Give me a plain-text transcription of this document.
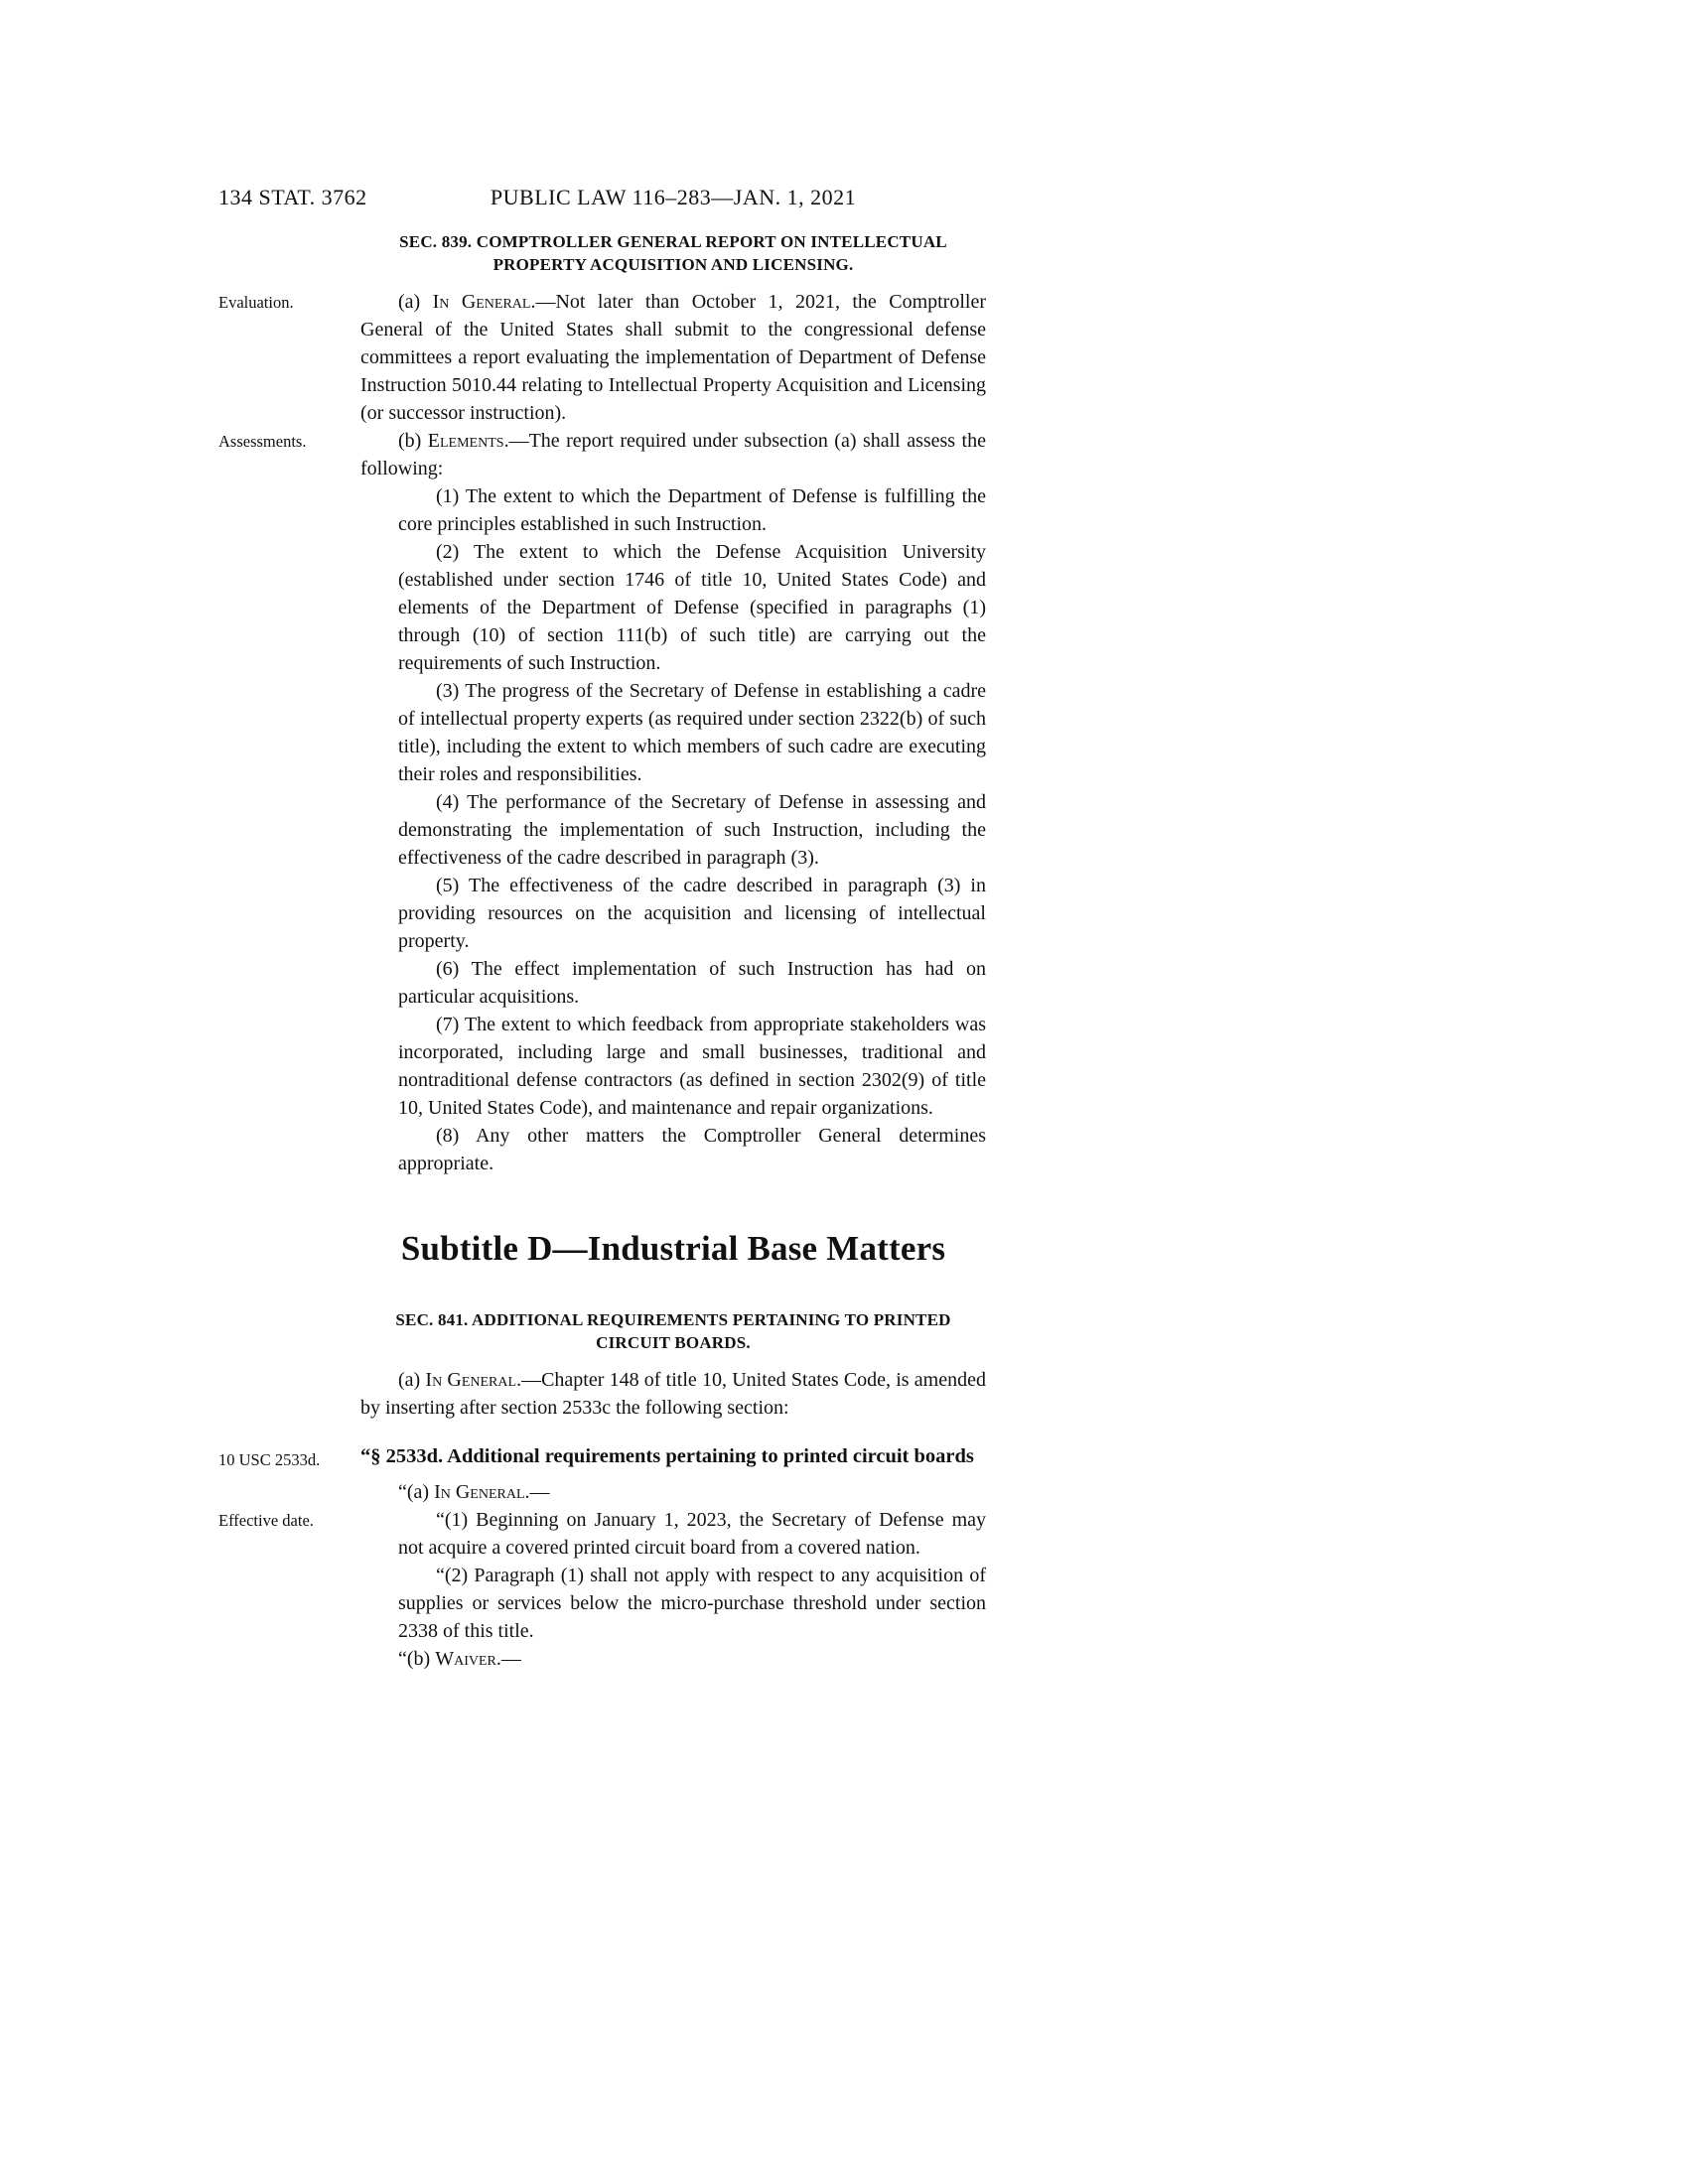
134 STAT. 3762	PUBLIC LAW 116–283—JAN. 1, 2021
SEC. 839. COMPTROLLER GENERAL REPORT ON INTELLECTUAL PROPERTY ACQUISITION AND LICENSING.
Evaluation.	(a) In General.—Not later than October 1, 2021, the Comptroller General of the United States shall submit to the congressional defense committees a report evaluating the implementation of Department of Defense Instruction 5010.44 relating to Intellectual Property Acquisition and Licensing (or successor instruction).

Assessments.	(b) Elements.—The report required under subsection (a) shall assess the following:

(1) The extent to which the Department of Defense is fulfilling the core principles established in such Instruction.

(2) The extent to which the Defense Acquisition University (established under section 1746 of title 10, United States Code) and elements of the Department of Defense (specified in paragraphs (1) through (10) of section 111(b) of such title) are carrying out the requirements of such Instruction.

(3) The progress of the Secretary of Defense in establishing a cadre of intellectual property experts (as required under section 2322(b) of such title), including the extent to which members of such cadre are executing their roles and responsibilities.

(4) The performance of the Secretary of Defense in assessing and demonstrating the implementation of such Instruction, including the effectiveness of the cadre described in paragraph (3).

(5) The effectiveness of the cadre described in paragraph (3) in providing resources on the acquisition and licensing of intellectual property.

(6) The effect implementation of such Instruction has had on particular acquisitions.

(7) The extent to which feedback from appropriate stakeholders was incorporated, including large and small businesses, traditional and nontraditional defense contractors (as defined in section 2302(9) of title 10, United States Code), and maintenance and repair organizations.

(8) Any other matters the Comptroller General determines appropriate.

Subtitle D—Industrial Base Matters
SEC. 841. ADDITIONAL REQUIREMENTS PERTAINING TO PRINTED CIRCUIT BOARDS.

(a) In General.—Chapter 148 of title 10, United States Code, is amended by inserting after section 2533c the following section:

10 USC 2533d.	“§ 2533d. Additional requirements pertaining to printed circuit boards

“(a) In General.—

Effective date.	“(1) Beginning on January 1, 2023, the Secretary of Defense may not acquire a covered printed circuit board from a covered nation.

“(2) Paragraph (1) shall not apply with respect to any acquisition of supplies or services below the micro-purchase threshold under section 2338 of this title.

“(b) Waiver.—
